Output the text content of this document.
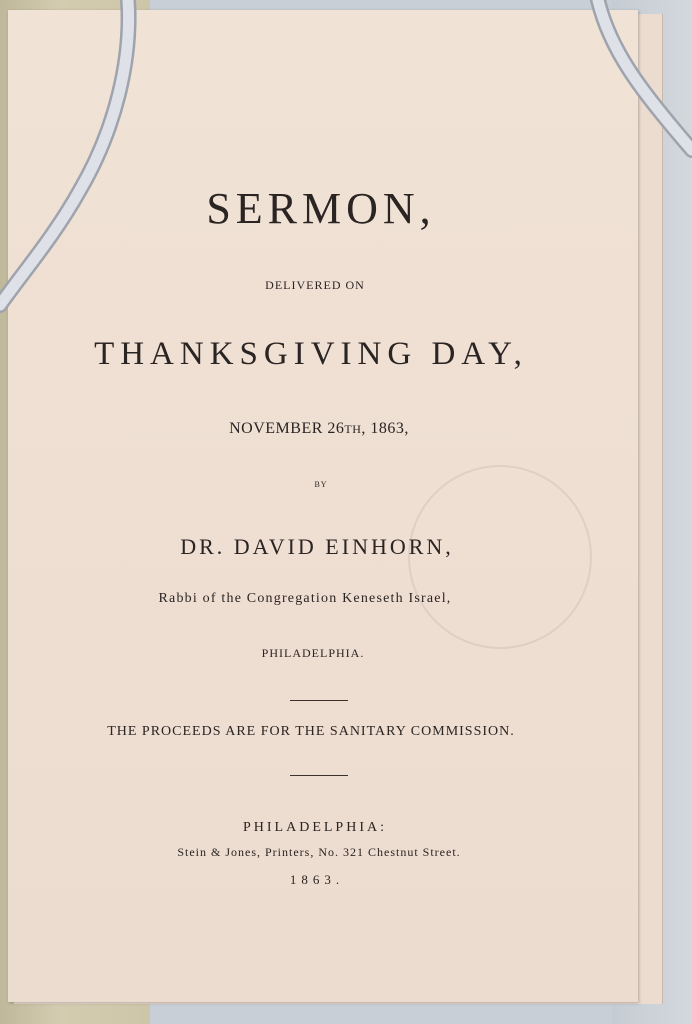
SERMON,
DELIVERED ON
THANKSGIVING DAY,
NOVEMBER 26TH, 1863,
BY
DR. DAVID EINHORN,
Rabbi of the Congregation Keneseth Israel,
PHILADELPHIA.
THE PROCEEDS ARE FOR THE SANITARY COMMISSION.
PHILADELPHIA:
Stein & Jones, Printers, No. 321 Chestnut Street.
1863.
